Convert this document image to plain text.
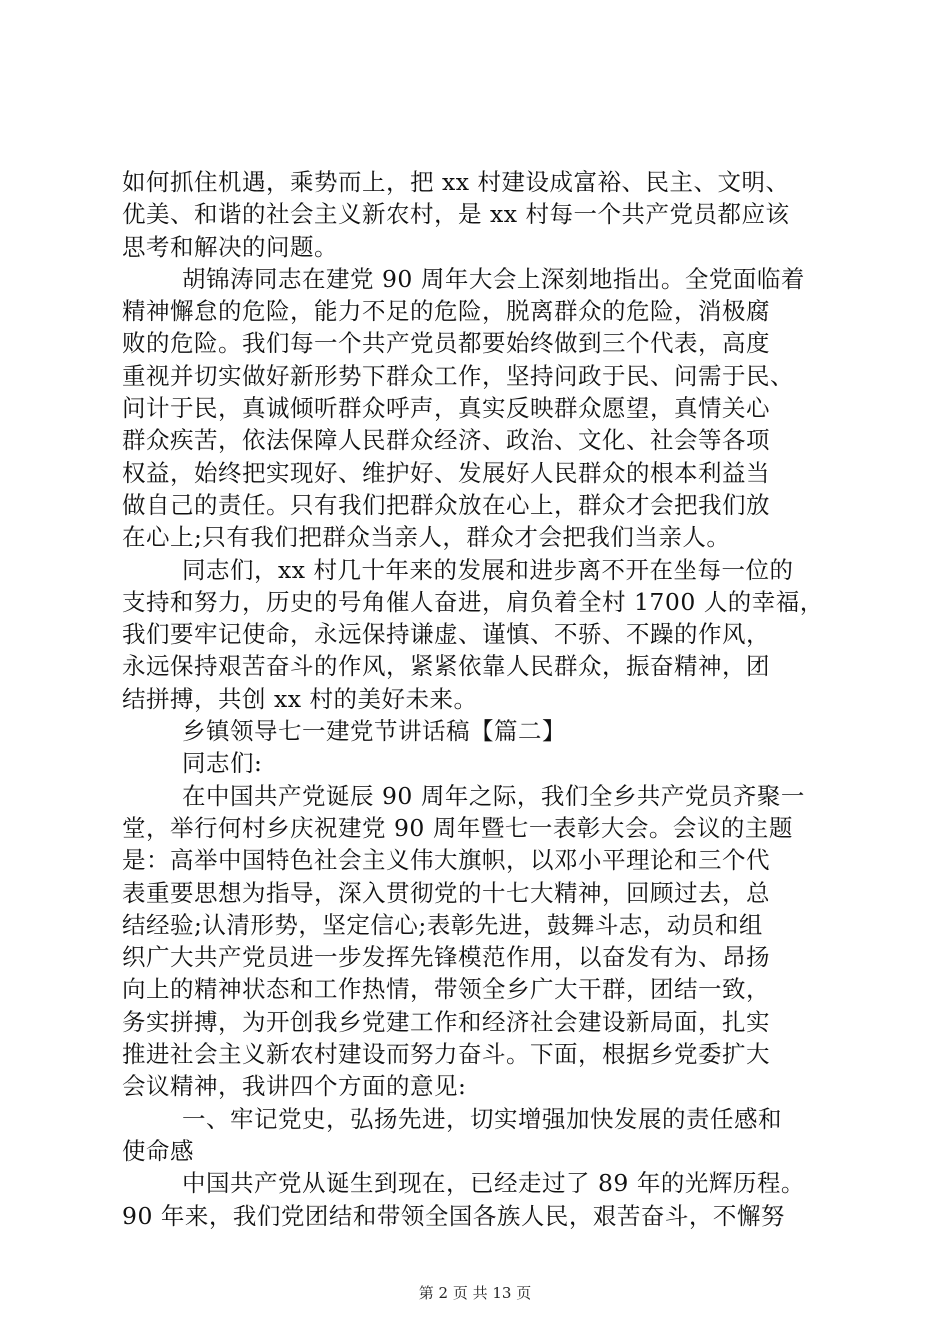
如何抓住机遇，乘势而上，把 xx 村建设成富裕、民主、文明、
优美、和谐的社会主义新农村，是 xx 村每一个共产党员都应该
思考和解决的问题。
胡锦涛同志在建党 90 周年大会上深刻地指出。全党面临着
精神懈怠的危险，能力不足的危险，脱离群众的危险，消极腐
败的危险。我们每一个共产党员都要始终做到三个代表，高度
重视并切实做好新形势下群众工作，坚持问政于民、问需于民、
问计于民，真诚倾听群众呼声，真实反映群众愿望，真情关心
群众疾苦，依法保障人民群众经济、政治、文化、社会等各项
权益，始终把实现好、维护好、发展好人民群众的根本利益当
做自己的责任。只有我们把群众放在心上，群众才会把我们放
在心上;只有我们把群众当亲人，群众才会把我们当亲人。
同志们，xx 村几十年来的发展和进步离不开在坐每一位的
支持和努力，历史的号角催人奋进，肩负着全村 1700 人的幸福，
我们要牢记使命，永远保持谦虚、谨慎、不骄、不躁的作风，
永远保持艰苦奋斗的作风，紧紧依靠人民群众，振奋精神，团
结拼搏，共创 xx 村的美好未来。
乡镇领导七一建党节讲话稿【篇二】
同志们:
在中国共产党诞辰 90 周年之际，我们全乡共产党员齐聚一
堂，举行何村乡庆祝建党 90 周年暨七一表彰大会。会议的主题
是：高举中国特色社会主义伟大旗帜，以邓小平理论和三个代
表重要思想为指导，深入贯彻党的十七大精神，回顾过去，总
结经验;认清形势，坚定信心;表彰先进，鼓舞斗志，动员和组
织广大共产党员进一步发挥先锋模范作用，以奋发有为、昂扬
向上的精神状态和工作热情，带领全乡广大干群，团结一致，
务实拼搏，为开创我乡党建工作和经济社会建设新局面，扎实
推进社会主义新农村建设而努力奋斗。下面，根据乡党委扩大
会议精神，我讲四个方面的意见:
一、牢记党史，弘扬先进，切实增强加快发展的责任感和
使命感
中国共产党从诞生到现在，已经走过了 89 年的光辉历程。
90 年来，我们党团结和带领全国各族人民，艰苦奋斗，不懈努
第 2 页 共 13 页
